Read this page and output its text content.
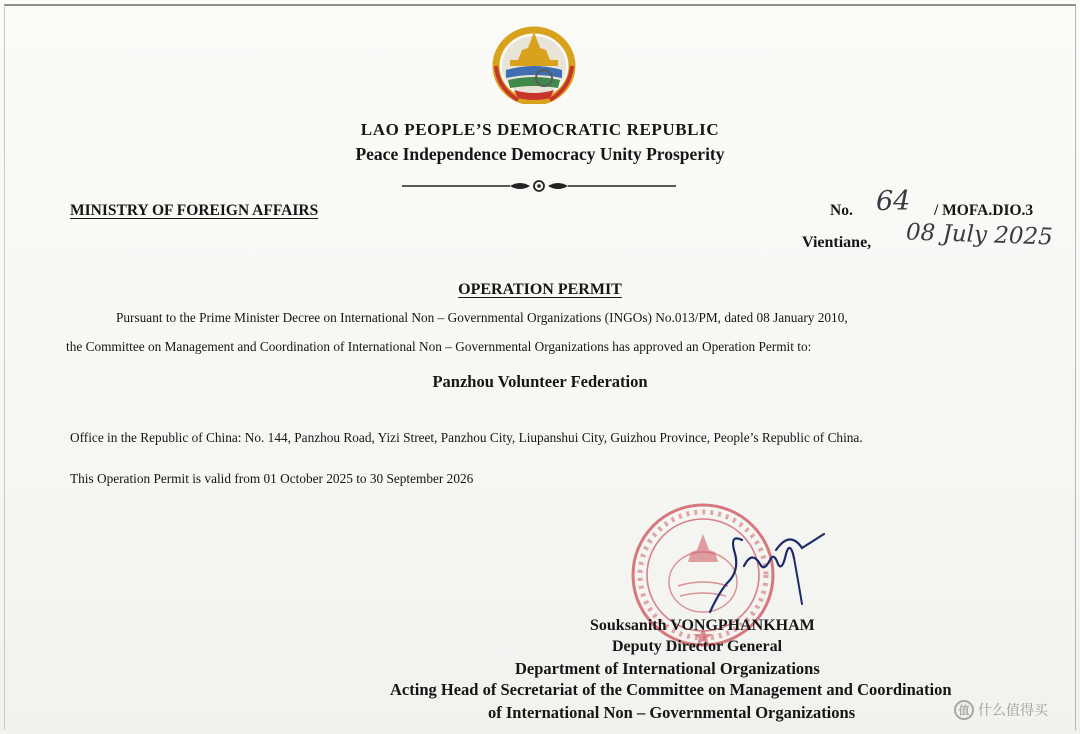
LAO PEOPLE’S DEMOCRATIC REPUBLIC
Peace Independence Democracy Unity Prosperity
MINISTRY OF FOREIGN AFFAIRS	No. 64 / MOFA.DIO.3
Vientiane, 08 July 2025
OPERATION PERMIT
Pursuant to the Prime Minister Decree on International Non – Governmental Organizations (INGOs) No.013/PM, dated 08 January 2010,
the Committee on Management and Coordination of International Non – Governmental Organizations has approved an Operation Permit to:
Panzhou Volunteer Federation
Office in the Republic of China: No. 144, Panzhou Road, Yizi Street, Panzhou City, Liupanshui City, Guizhou Province, People’s Republic of China.
This Operation Permit is valid from 01 October 2025 to 30 September 2026
Souksanith VONGPHANKHAM
Deputy Director General
Department of International Organizations
Acting Head of Secretariat of the Committee on Management and Coordination
of International Non – Governmental Organizations	值 什么值得买
